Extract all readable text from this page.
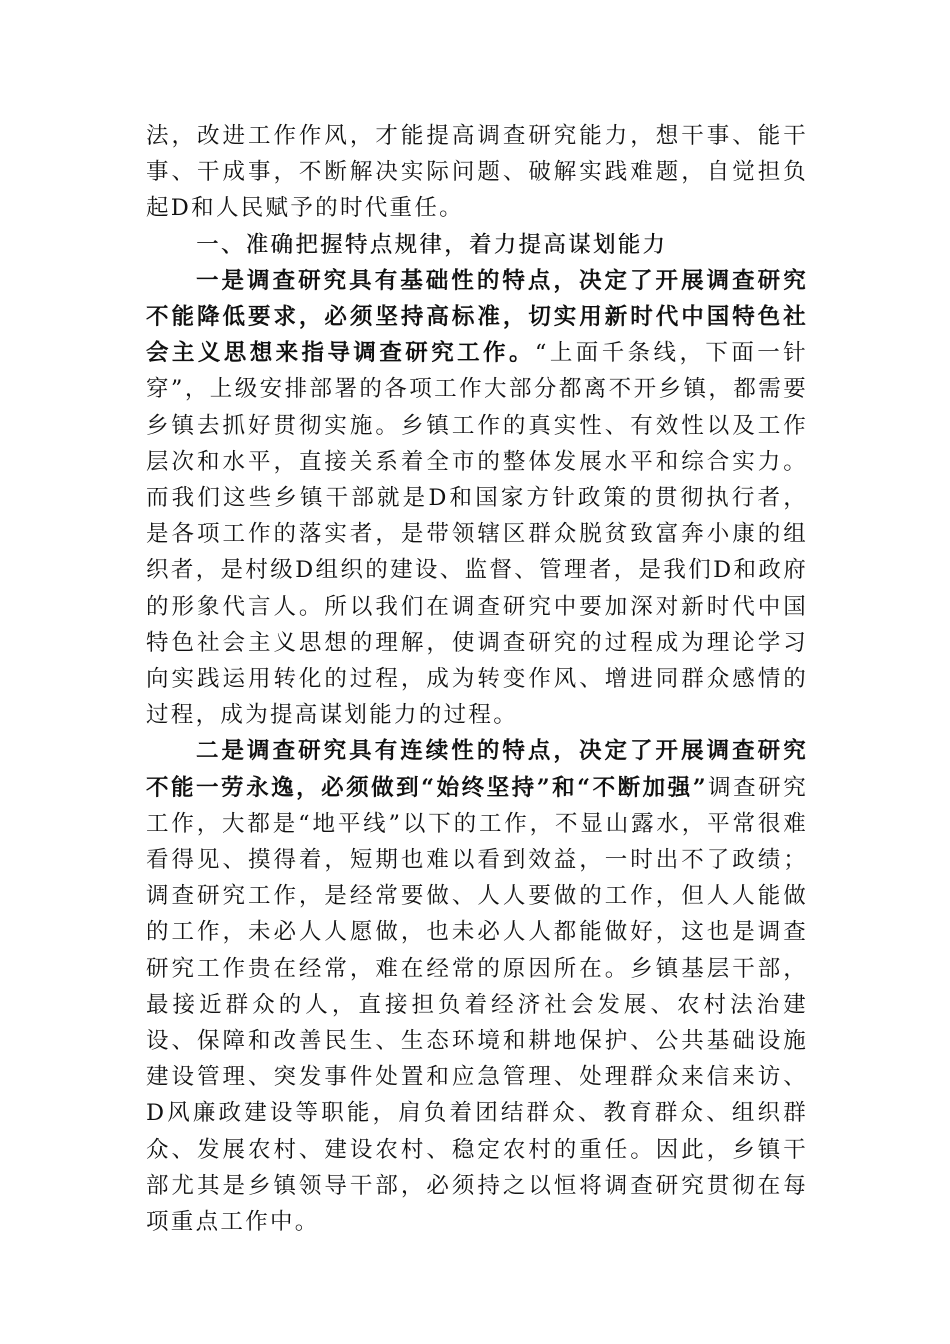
法，改进工作作风，才能提高调查研究能力，想干事、能干事、干成事，不断解决实际问题、破解实践难题，自觉担负起D和人民赋予的时代重任。

一、准确把握特点规律，着力提高谋划能力

一是调查研究具有基础性的特点，决定了开展调查研究不能降低要求，必须坚持高标准，切实用新时代中国特色社会主义思想来指导调查研究工作。“上面千条线，下面一针穿”，上级安排部署的各项工作大部分都离不开乡镇，都需要乡镇去抓好贯彻实施。乡镇工作的真实性、有效性以及工作层次和水平，直接关系着全市的整体发展水平和综合实力。而我们这些乡镇干部就是D和国家方针政策的贯彻执行者，是各项工作的落实者，是带领辖区群众脱贫致富奔小康的组织者，是村级D组织的建设、监督、管理者，是我们D和政府的形象代言人。所以我们在调查研究中要加深对新时代中国特色社会主义思想的理解，使调查研究的过程成为理论学习向实践运用转化的过程，成为转变作风、增进同群众感情的过程，成为提高谋划能力的过程。

二是调查研究具有连续性的特点，决定了开展调查研究不能一劳永逸，必须做到“始终坚持”和“不断加强”调查研究工作，大都是“地平线”以下的工作，不显山露水，平常很难看得见、摸得着，短期也难以看到效益，一时出不了政绩；调查研究工作，是经常要做、人人要做的工作，但人人能做的工作，未必人人愿做，也未必人人都能做好，这也是调查研究工作贵在经常，难在经常的原因所在。乡镇基层干部，最接近群众的人，直接担负着经济社会发展、农村法治建设、保障和改善民生、生态环境和耕地保护、公共基础设施建设管理、突发事件处置和应急管理、处理群众来信来访、D风廉政建设等职能，肩负着团结群众、教育群众、组织群众、发展农村、建设农村、稳定农村的重任。因此，乡镇干部尤其是乡镇领导干部，必须持之以恒将调查研究贯彻在每项重点工作中。
